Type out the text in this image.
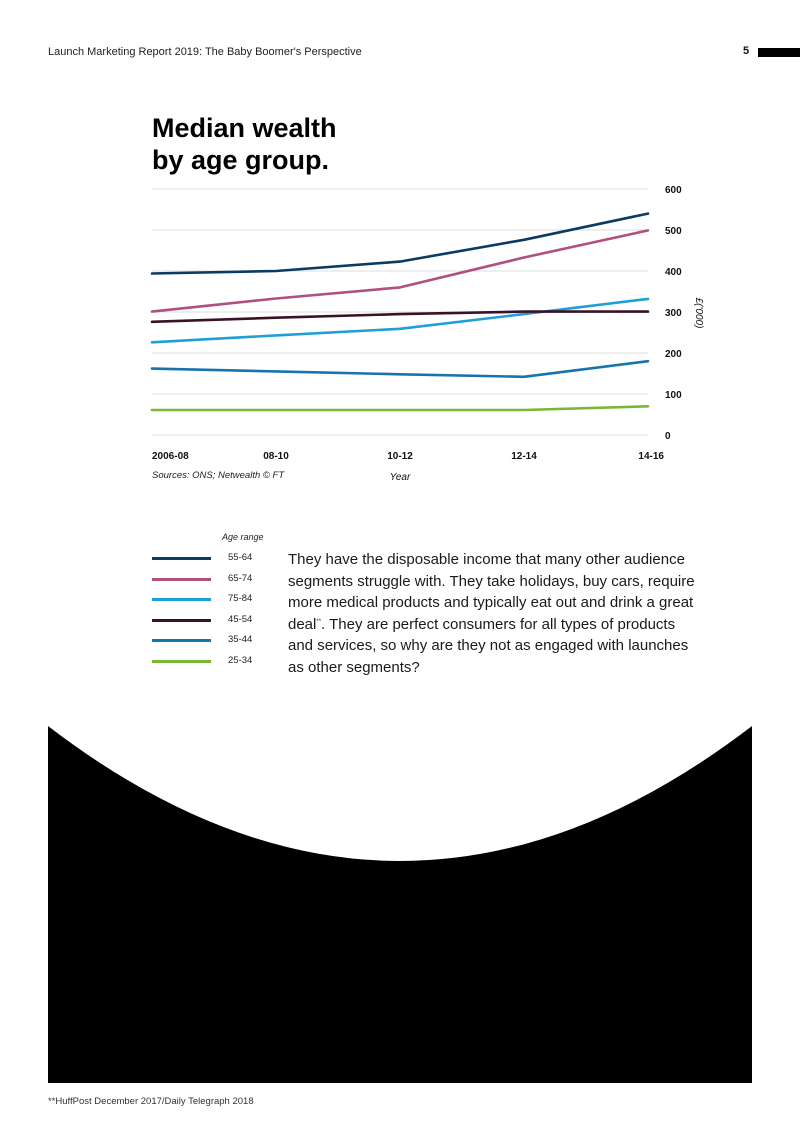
Launch Marketing Report 2019: The Baby Boomer's Perspective	5
Median wealth
by age group.
600
500
400
300
200
100
0
2006-08	08-10	10-12	12-14	14-16
£('000)
Year
Sources: ONS; Netwealth © FT
Age range
55-64
65-74
75-84
45-54
35-44
25-34

They have the disposable income that many other audience segments struggle with. They take holidays, buy cars, require more medical products and typically eat out and drink a great deal**. They are perfect consumers for all types of products and services, so why are they not as engaged with launches as other segments?

**HuffPost December 2017/Daily Telegraph 2018
